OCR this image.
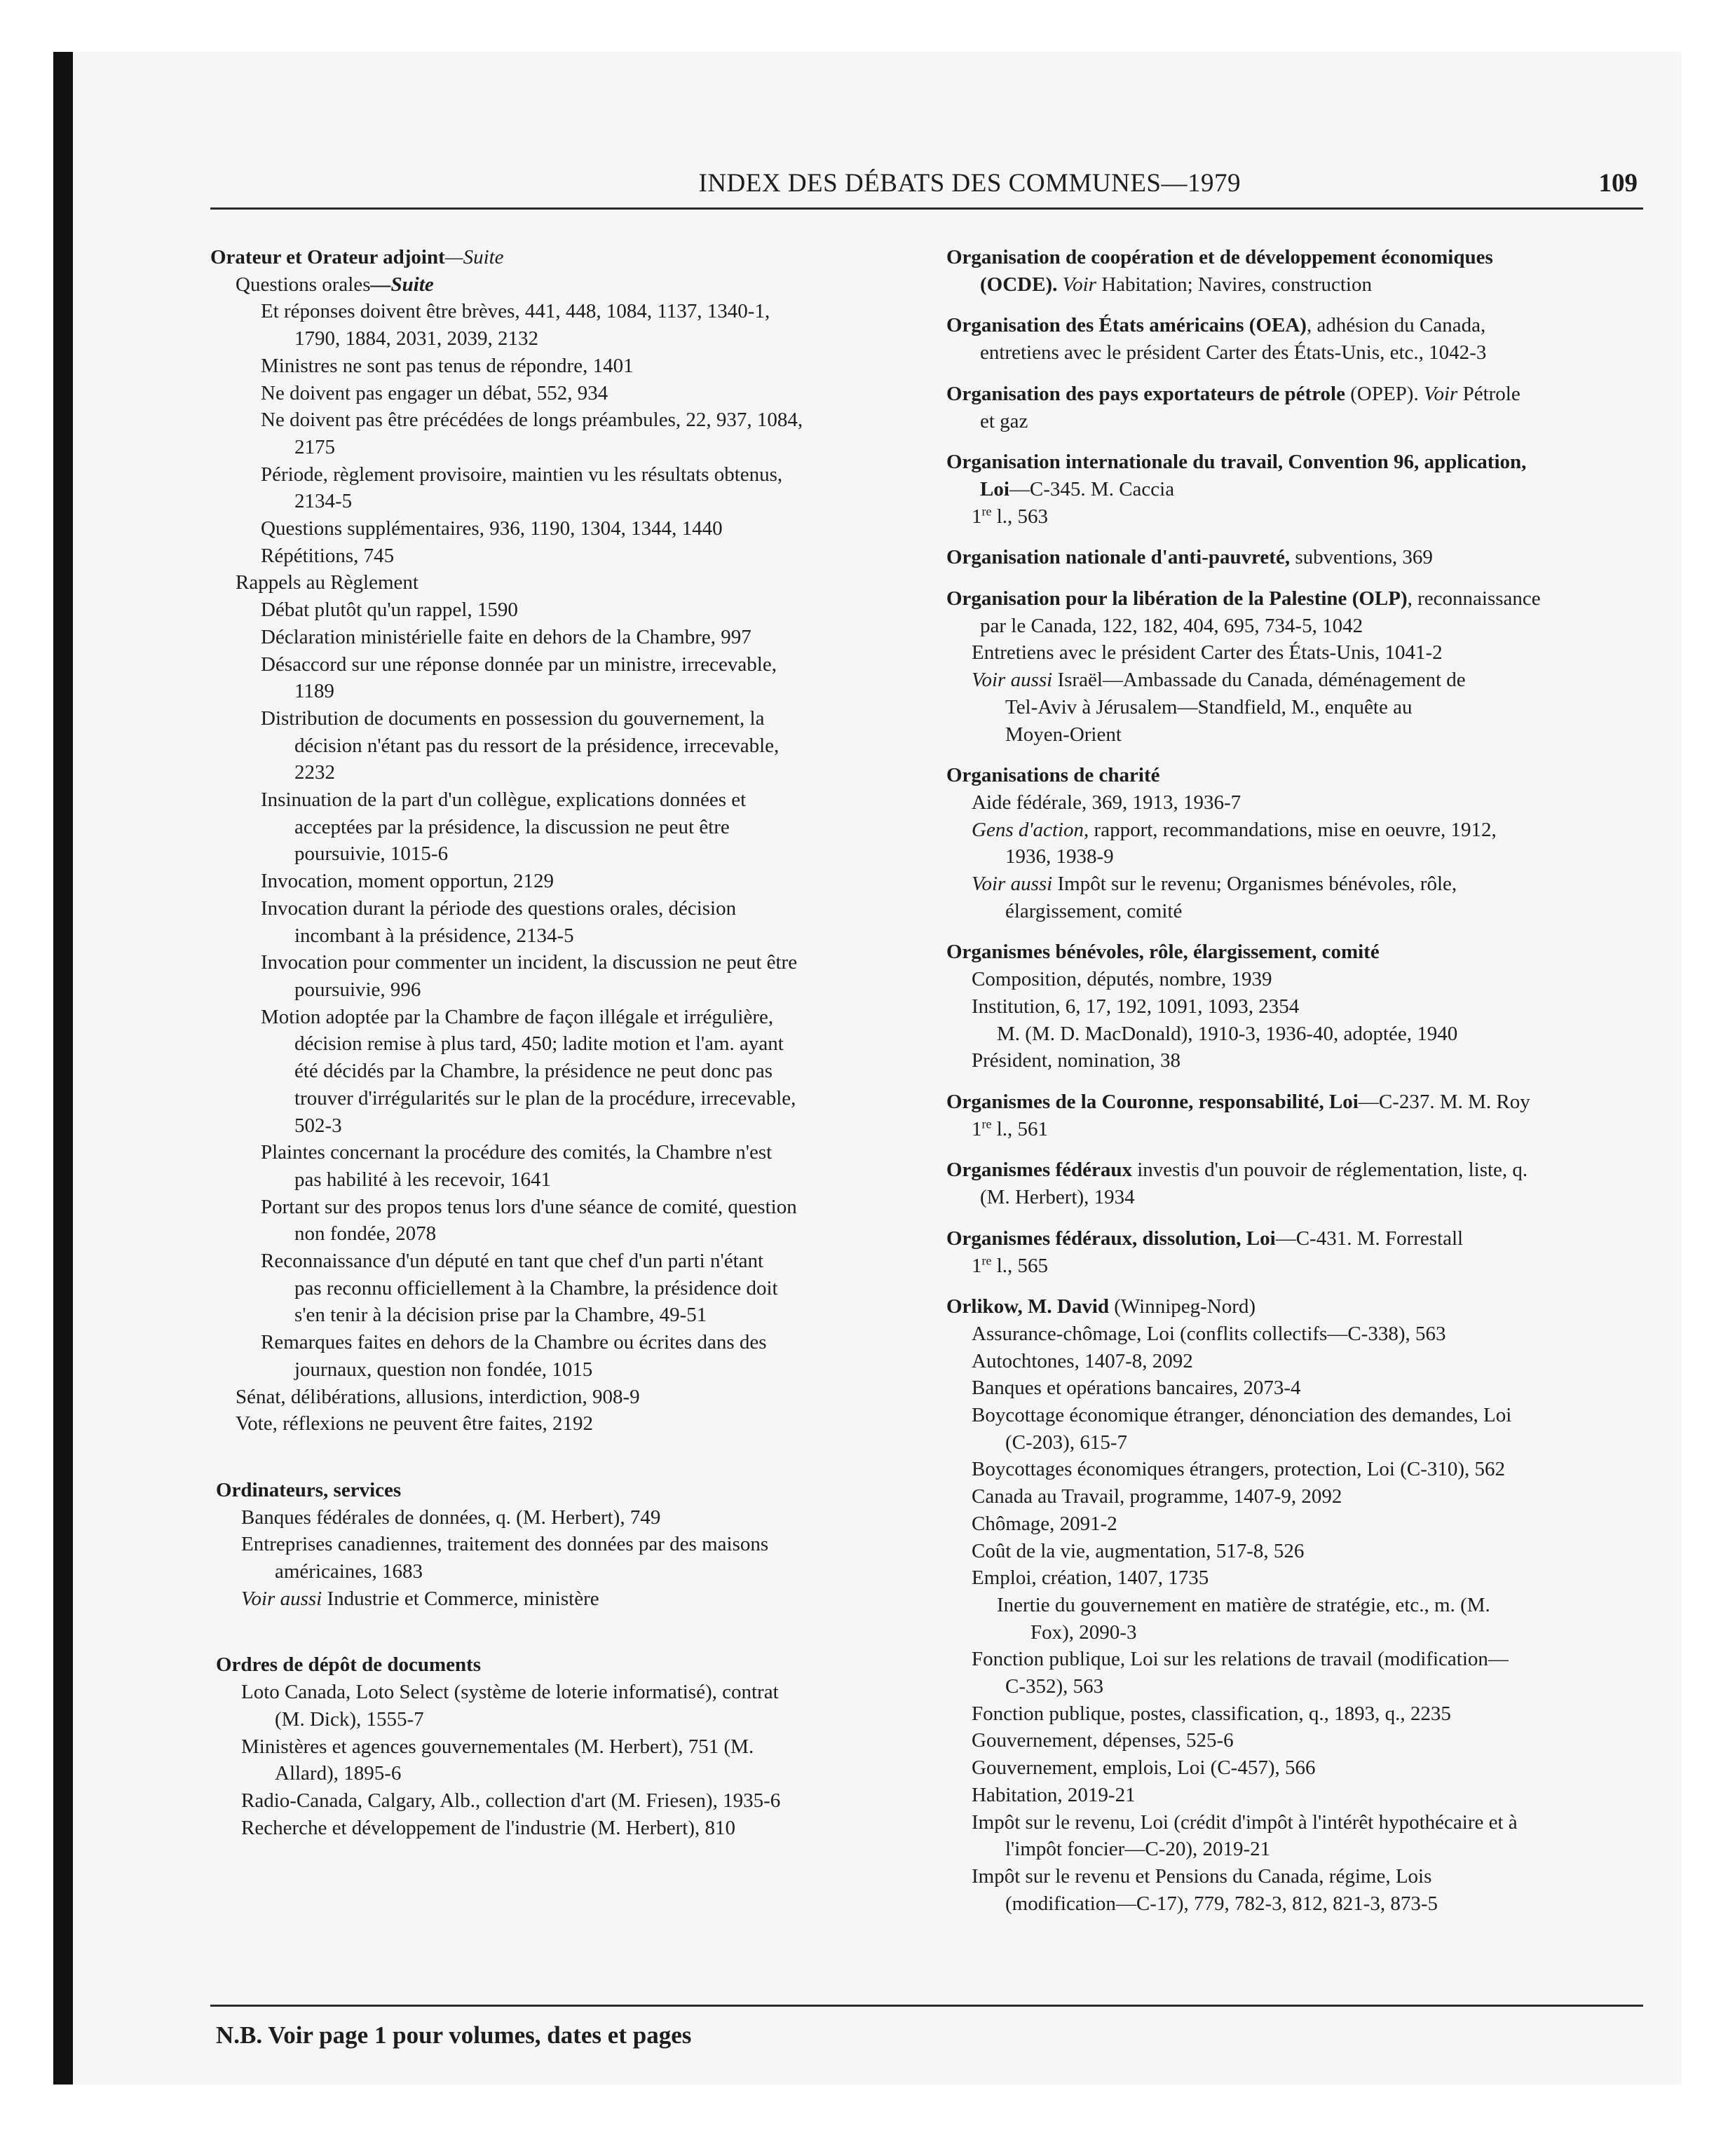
INDEX DES DÉBATS DES COMMUNES—1979	109
Orateur et Orateur adjoint—Suite
Questions orales—Suite
Et réponses doivent être brèves, 441, 448, 1084, 1137, 1340-1,
1790, 1884, 2031, 2039, 2132
Ministres ne sont pas tenus de répondre, 1401
Ne doivent pas engager un débat, 552, 934
Ne doivent pas être précédées de longs préambules, 22, 937, 1084,
2175
Période, règlement provisoire, maintien vu les résultats obtenus,
2134-5
Questions supplémentaires, 936, 1190, 1304, 1344, 1440
Répétitions, 745
Rappels au Règlement
Débat plutôt qu'un rappel, 1590
Déclaration ministérielle faite en dehors de la Chambre, 997
Désaccord sur une réponse donnée par un ministre, irrecevable,
1189
Distribution de documents en possession du gouvernement, la
décision n'étant pas du ressort de la présidence, irrecevable,
2232
Insinuation de la part d'un collègue, explications données et
acceptées par la présidence, la discussion ne peut être
poursuivie, 1015-6
Invocation, moment opportun, 2129
Invocation durant la période des questions orales, décision
incombant à la présidence, 2134-5
Invocation pour commenter un incident, la discussion ne peut être
poursuivie, 996
Motion adoptée par la Chambre de façon illégale et irrégulière,
décision remise à plus tard, 450; ladite motion et l'am. ayant
été décidés par la Chambre, la présidence ne peut donc pas
trouver d'irrégularités sur le plan de la procédure, irrecevable,
502-3
Plaintes concernant la procédure des comités, la Chambre n'est
pas habilité à les recevoir, 1641
Portant sur des propos tenus lors d'une séance de comité, question
non fondée, 2078
Reconnaissance d'un député en tant que chef d'un parti n'étant
pas reconnu officiellement à la Chambre, la présidence doit
s'en tenir à la décision prise par la Chambre, 49-51
Remarques faites en dehors de la Chambre ou écrites dans des
journaux, question non fondée, 1015
Sénat, délibérations, allusions, interdiction, 908-9
Vote, réflexions ne peuvent être faites, 2192
Ordinateurs, services
Banques fédérales de données, q. (M. Herbert), 749
Entreprises canadiennes, traitement des données par des maisons
américaines, 1683
Voir aussi Industrie et Commerce, ministère
Ordres de dépôt de documents
Loto Canada, Loto Select (système de loterie informatisé), contrat
(M. Dick), 1555-7
Ministères et agences gouvernementales (M. Herbert), 751 (M.
Allard), 1895-6
Radio-Canada, Calgary, Alb., collection d'art (M. Friesen), 1935-6
Recherche et développement de l'industrie (M. Herbert), 810
Organisation de coopération et de développement économiques
(OCDE). Voir Habitation; Navires, construction
Organisation des États américains (OEA), adhésion du Canada,
entretiens avec le président Carter des États-Unis, etc., 1042-3
Organisation des pays exportateurs de pétrole (OPEP). Voir Pétrole
et gaz
Organisation internationale du travail, Convention 96, application,
Loi—C-345. M. Caccia
1re l., 563
Organisation nationale d'anti-pauvreté, subventions, 369
Organisation pour la libération de la Palestine (OLP), reconnaissance
par le Canada, 122, 182, 404, 695, 734-5, 1042
Entretiens avec le président Carter des États-Unis, 1041-2
Voir aussi Israël—Ambassade du Canada, déménagement de
Tel-Aviv à Jérusalem—Standfield, M., enquête au
Moyen-Orient
Organisations de charité
Aide fédérale, 369, 1913, 1936-7
Gens d'action, rapport, recommandations, mise en oeuvre, 1912,
1936, 1938-9
Voir aussi Impôt sur le revenu; Organismes bénévoles, rôle,
élargissement, comité
Organismes bénévoles, rôle, élargissement, comité
Composition, députés, nombre, 1939
Institution, 6, 17, 192, 1091, 1093, 2354
M. (M. D. MacDonald), 1910-3, 1936-40, adoptée, 1940
Président, nomination, 38
Organismes de la Couronne, responsabilité, Loi—C-237. M. M. Roy
1re l., 561
Organismes fédéraux investis d'un pouvoir de réglementation, liste, q.
(M. Herbert), 1934
Organismes fédéraux, dissolution, Loi—C-431. M. Forrestall
1re l., 565
Orlikow, M. David (Winnipeg-Nord)
Assurance-chômage, Loi (conflits collectifs—C-338), 563
Autochtones, 1407-8, 2092
Banques et opérations bancaires, 2073-4
Boycottage économique étranger, dénonciation des demandes, Loi
(C-203), 615-7
Boycottages économiques étrangers, protection, Loi (C-310), 562
Canada au Travail, programme, 1407-9, 2092
Chômage, 2091-2
Coût de la vie, augmentation, 517-8, 526
Emploi, création, 1407, 1735
Inertie du gouvernement en matière de stratégie, etc., m. (M.
Fox), 2090-3
Fonction publique, Loi sur les relations de travail (modification—
C-352), 563
Fonction publique, postes, classification, q., 1893, q., 2235
Gouvernement, dépenses, 525-6
Gouvernement, emplois, Loi (C-457), 566
Habitation, 2019-21
Impôt sur le revenu, Loi (crédit d'impôt à l'intérêt hypothécaire et à
l'impôt foncier—C-20), 2019-21
Impôt sur le revenu et Pensions du Canada, régime, Lois
(modification—C-17), 779, 782-3, 812, 821-3, 873-5
N.B. Voir page 1 pour volumes, dates et pages
